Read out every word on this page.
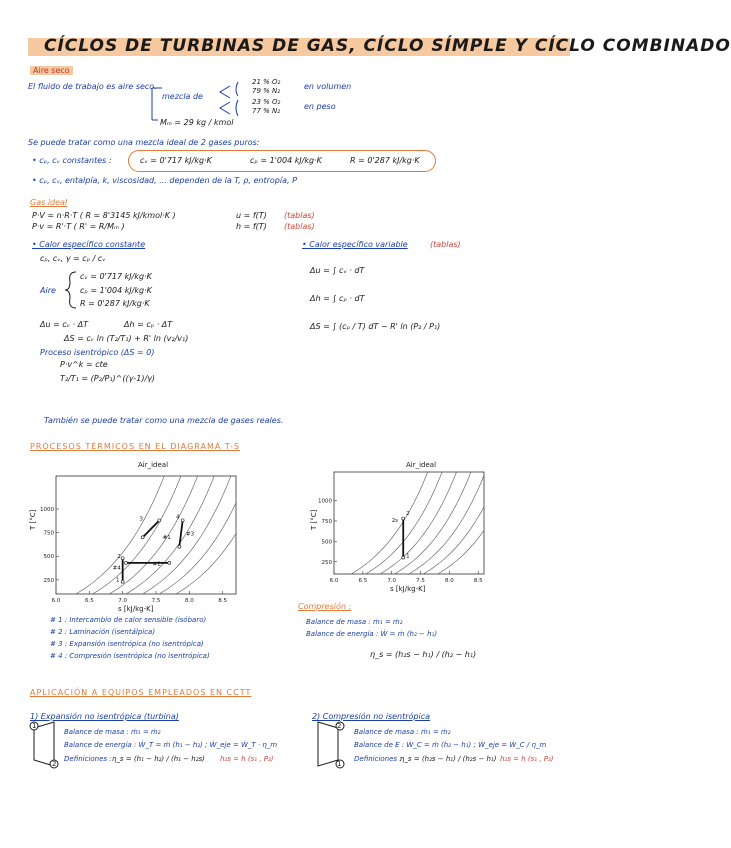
CÍCLOS DE TURBINAS DE GAS, CÍCLO SÍMPLE Y CÍCLO COMBINADO
Aire seco
El fluido de trabajo es aire seco.
mezcla de
21 % O₂
79 % N₂	en volumen
23 % O₂
77 % N₂	en peso
Mₘ = 29 kg / kmol
Se puede tratar como una mezcla ideal de 2 gases puros:
• cₚ, cᵥ constantes :	cᵥ = 0'717 kJ/kg·K	cₚ = 1'004 kJ/kg·K	R = 0'287 kJ/kg·K
• cₚ, cᵥ, entalpía, k, viscosidad, ... dependen de la T, ρ, entropía, P
Gas ideal
P·V = n·R·T ( R = 8'3145 kJ/kmol·K )
P·v = R'·T ( R' = R/Mₘ )
u = f(T) (tablas)
h = f(T) (tablas)
• Calor específico constante
cₚ, cᵥ, γ = cₚ / cᵥ
Aire
cᵥ = 0'717 kJ/kg·K
cₚ = 1'004 kJ/kg·K
R = 0'287 kJ/kg·K
Δu = cᵥ · ΔT	Δh = cₚ · ΔT
ΔS = cᵥ ln (T₂/T₁) + R' ln (v₂/v₁)
Proceso isentrópico (ΔS = 0)
P·v^k = cte
T₂/T₁ = (P₂/P₁)^((γ-1)/γ)
• Calor específico variable	(tablas)
Δu = ∫ cᵥ · dT
Δh = ∫ cₚ · dT
ΔS = ∫ (cₚ / T) dT − R' ln (P₂ / P₁)
También se puede tratar como una mezcla de gases reales.
PROCESOS TÉRMICOS EN EL DIAGRAMA T-S
Air_ideal
T [°C]
s [kJ/kg-K]
6.0	6.5	7.0	7.5	8.0	8.5
250
500
750
1000
1
2
3	4
#1
#2
#3
#4
Air_ideal
T [°C]
s [kJ/kg-K]
6.0	6.5	7.0	7.5	8.0	8.5
250
500
750
1000
1
2
2s
# 1 : Intercambio de calor sensible (isóbaro)
# 2 : Laminación (isentálpica)
# 3 : Expansión isentrópica (no isentrópica)
# 4 : Compresión isentrópica (no isentrópica)
Compresión :
Balance de masa : ṁ₁ = ṁ₂
Balance de energía : Ẇ = ṁ (h₂ − h₁)
η_s = (h₂s − h₁) / (h₂ − h₁)
APLICACIÓN A EQUIPOS EMPLEADOS EN CCTT
1) Expansión no isentrópica (turbina)
1
2
Balance de masa : ṁ₁ = ṁ₂
Balance de energía : Ẇ_T = ṁ (h₁ − h₂) ; Ẇ_eje = Ẇ_T · η_m
Definiciones : η_s = (h₁ − h₂) / (h₁ − h₂s) h₂s = h (s₁ , P₂)
2) Compresión no isentrópica
2
1
Balance de masa : ṁ₁ = ṁ₂
Balance de E : Ẇ_C = ṁ (h₂ − h₁) ; Ẇ_eje = Ẇ_C / η_m
Definiciones :
η_s = (h₂s − h₁) / (h₂s − h₁) h₂s = h (s₁ , P₂)
